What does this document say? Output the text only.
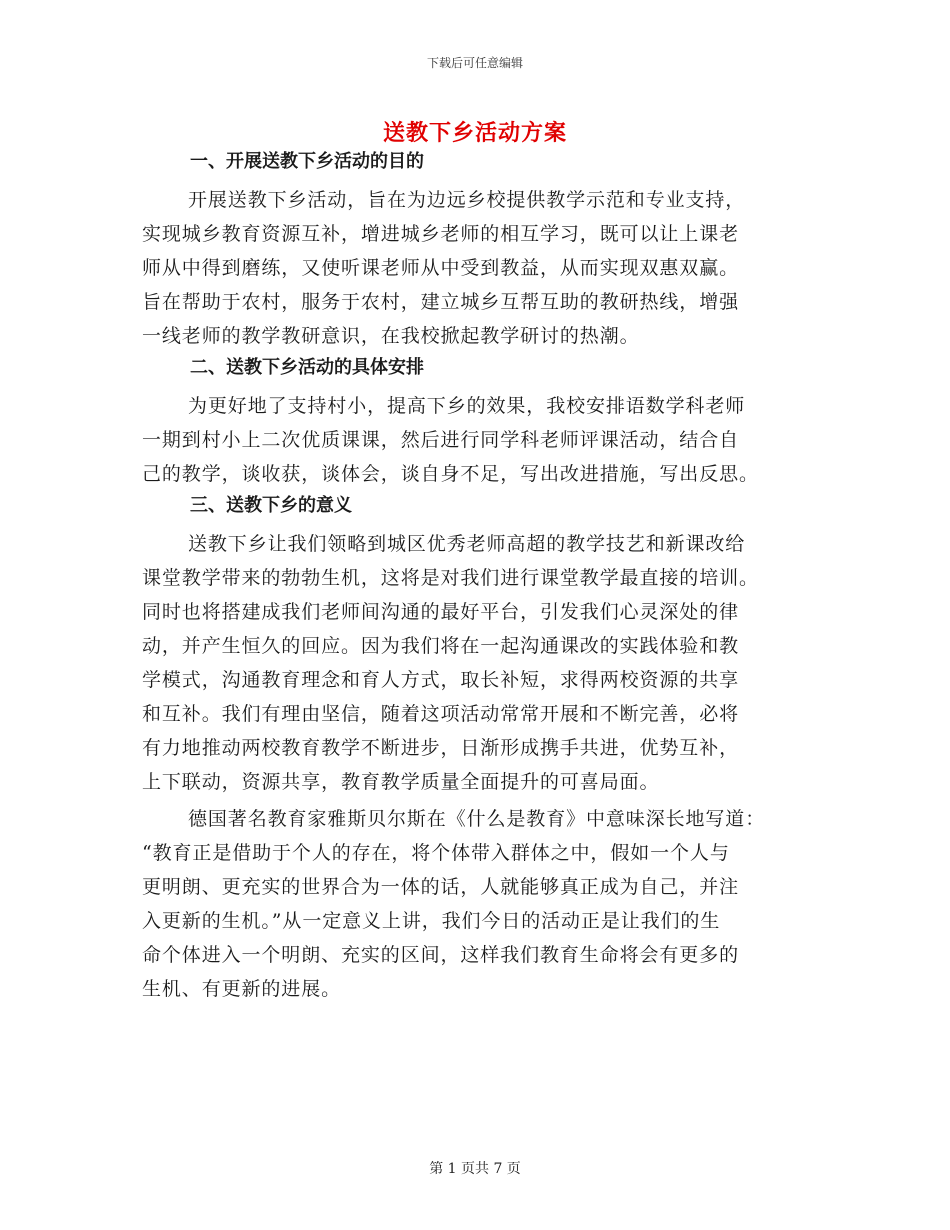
下载后可任意编辑
送教下乡活动方案
一、开展送教下乡活动的目的
开展送教下乡活动，旨在为边远乡校提供教学示范和专业支持，
实现城乡教育资源互补，增进城乡老师的相互学习，既可以让上课老
师从中得到磨练，又使听课老师从中受到教益，从而实现双惠双赢。
旨在帮助于农村，服务于农村，建立城乡互帮互助的教研热线，增强
一线老师的教学教研意识，在我校掀起教学研讨的热潮。
二、送教下乡活动的具体安排
为更好地了支持村小，提高下乡的效果，我校安排语数学科老师
一期到村小上二次优质课课，然后进行同学科老师评课活动，结合自
己的教学，谈收获，谈体会，谈自身不足，写出改进措施，写出反思。
三、送教下乡的意义
送教下乡让我们领略到城区优秀老师高超的教学技艺和新课改给
课堂教学带来的勃勃生机，这将是对我们进行课堂教学最直接的培训。
同时也将搭建成我们老师间沟通的最好平台，引发我们心灵深处的律
动，并产生恒久的回应。因为我们将在一起沟通课改的实践体验和教
学模式，沟通教育理念和育人方式，取长补短，求得两校资源的共享
和互补。我们有理由坚信，随着这项活动常常开展和不断完善，必将
有力地推动两校教育教学不断进步，日渐形成携手共进，优势互补，
上下联动，资源共享，教育教学质量全面提升的可喜局面。
德国著名教育家雅斯贝尔斯在《什么是教育》中意味深长地写道：
“教育正是借助于个人的存在，将个体带入群体之中，假如一个人与
更明朗、更充实的世界合为一体的话，人就能够真正成为自己，并注
入更新的生机。”从一定意义上讲，我们今日的活动正是让我们的生
命个体进入一个明朗、充实的区间，这样我们教育生命将会有更多的
生机、有更新的进展。
第 1 页共 7 页
